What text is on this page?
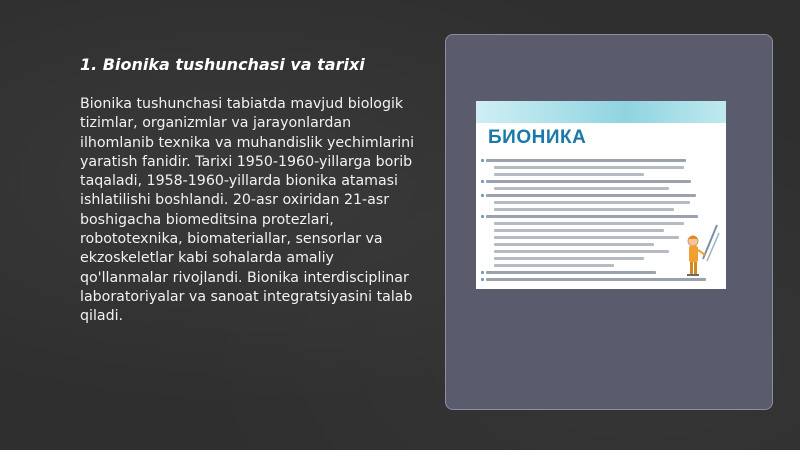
1. Bionika tushunchasi va tarixi

Bionika tushunchasi tabiatda mavjud biologik tizimlar, organizmlar va jarayonlardan ilhomlanib texnika va muhandislik yechimlarini yaratish fanidir. Tarixi 1950-1960-yillarga borib taqaladi, 1958-1960-yillarda bionika atamasi ishlatilishi boshlandi. 20-asr oxiridan 21-asr boshigacha biomeditsina protezlari, robototexnika, biomateriallar, sensorlar va ekzoskeletlar kabi sohalarda amaliy qo'llanmalar rivojlandi. Bionika interdisciplinar laboratoriyalar va sanoat integratsiyasini talab qiladi.

БИОНИКА
